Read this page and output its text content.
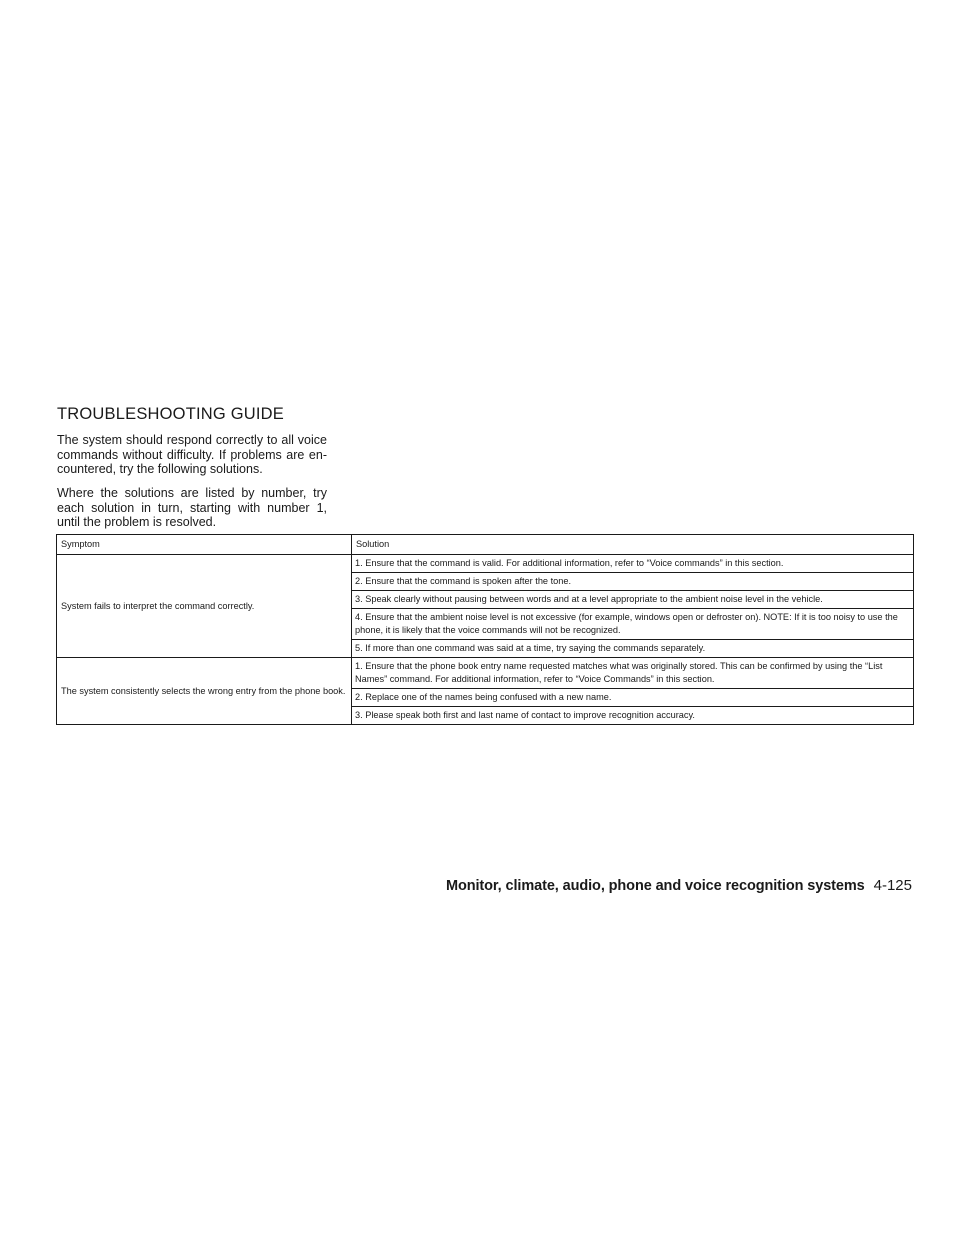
TROUBLESHOOTING GUIDE

The system should respond correctly to all voice commands without difficulty. If problems are en-countered, try the following solutions.

Where the solutions are listed by number, try each solution in turn, starting with number 1, until the problem is resolved.

Symptom	Solution
System fails to interpret the command correctly.	1. Ensure that the command is valid. For additional information, refer to “Voice commands” in this section.
	2. Ensure that the command is spoken after the tone.
	3. Speak clearly without pausing between words and at a level appropriate to the ambient noise level in the vehicle.
	4. Ensure that the ambient noise level is not excessive (for example, windows open or defroster on). NOTE: If it is too noisy to use the phone, it is likely that the voice commands will not be recognized.
	5. If more than one command was said at a time, try saying the commands separately.
The system consistently selects the wrong entry from the phone book.	1. Ensure that the phone book entry name requested matches what was originally stored. This can be confirmed by using the “List Names” command. For additional information, refer to “Voice Commands” in this section.
	2. Replace one of the names being confused with a new name.
	3. Please speak both first and last name of contact to improve recognition accuracy.
Monitor, climate, audio, phone and voice recognition systems 4-125
